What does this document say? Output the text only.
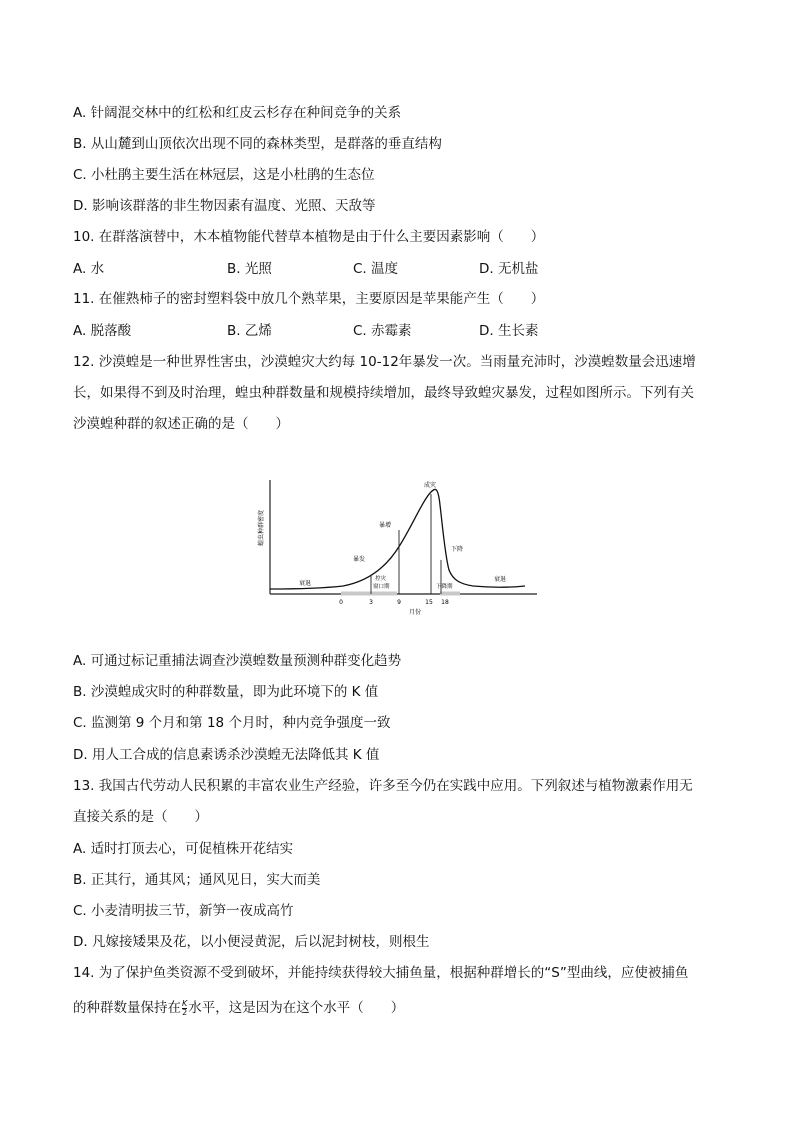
A. 针阔混交林中的红松和红皮云杉存在种间竞争的关系
B. 从山麓到山顶依次出现不同的森林类型，是群落的垂直结构
C. 小杜鹃主要生活在林冠层，这是小杜鹃的生态位
D. 影响该群落的非生物因素有温度、光照、天敌等
10. 在群落演替中，木本植物能代替草本植物是由于什么主要因素影响（　　）
A. 水	B. 光照	C. 温度	D. 无机盐
11. 在催熟柿子的密封塑料袋中放几个熟苹果，主要原因是苹果能产生（　　）
A. 脱落酸	B. 乙烯	C. 赤霉素	D. 生长素
12. 沙漠蝗是一种世界性害虫，沙漠蝗灾大约每 10-12年暴发一次。当雨量充沛时，沙漠蝗数量会迅速增
长，如果得不到及时治理，蝗虫种群数量和规模持续增加，最终导致蝗灾暴发，过程如图所示。下列有关
沙漠蝗种群的叙述正确的是（　　）
蝗虫种群密度
0	3	9	15 18
月份
衰退
暴发
暴增
成灾
下降
衰退
控灾
窗口期	下降期
A. 可通过标记重捕法调查沙漠蝗数量预测种群变化趋势
B. 沙漠蝗成灾时的种群数量，即为此环境下的 K 值
C. 监测第 9 个月和第 18 个月时，种内竞争强度一致
D. 用人工合成的信息素诱杀沙漠蝗无法降低其 K 值
13. 我国古代劳动人民积累的丰富农业生产经验，许多至今仍在实践中应用。下列叙述与植物激素作用无
直接关系的是（　　）
A. 适时打顶去心，可促植株开花结实
B. 正其行，通其风；通风见日，实大而美
C. 小麦清明拔三节，新笋一夜成高竹
D. 凡嫁接矮果及花，以小便浸黄泥，后以泥封树枝，则根生
14. 为了保护鱼类资源不受到破坏，并能持续获得较大捕鱼量，根据种群增长的“S”型曲线，应使被捕鱼
的种群数量保持在 $\frac{K}{2}$ 水平，这是因为在这个水平（　　）
